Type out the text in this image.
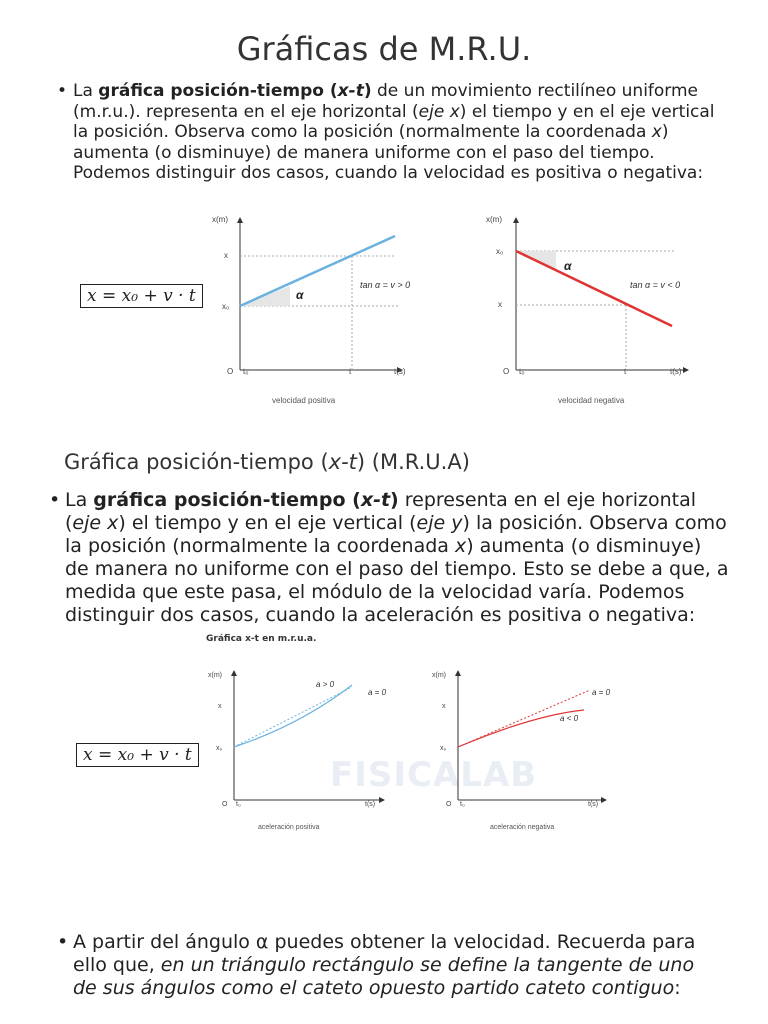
Gráficas de M.R.U.
• La gráfica posición-tiempo (x-t) de un movimiento rectilíneo uniforme (m.r.u.). representa en el eje horizontal (eje x) el tiempo y en el eje vertical la posición. Observa como la posición (normalmente la coordenada x) aumenta (o disminuye) de manera uniforme con el paso del tiempo. Podemos distinguir dos casos, cuando la velocidad es positiva o negativa:
x = x₀ + v · t
x(m)
x
x₀
O t₀	t	t(s)
α
tan α = v > 0
velocidad positiva
x(m)
x₀
x
O t₀	t	t(s)
α
tan α = v < 0
velocidad negativa
Gráfica posición-tiempo (x-t) (M.R.U.A)
• La gráfica posición-tiempo (x-t) representa en el eje horizontal (eje x) el tiempo y en el eje vertical (eje y) la posición. Observa como la posición (normalmente la coordenada x) aumenta (o disminuye) de manera no uniforme con el paso del tiempo. Esto se debe a que, a medida que este pasa, el módulo de la velocidad varía. Podemos distinguir dos casos, cuando la aceleración es positiva o negativa:
Gráfica x-t en m.r.u.a.
FISICALAB
x = x₀ + v · t
x(m)
x
x₀
O t₀	t(s)
a > 0
a = 0
aceleración positiva
x(m)
x
x₀
O t₀	t(s)
a < 0
a = 0
aceleración negativa
• A partir del ángulo α puedes obtener la velocidad. Recuerda para ello que, en un triángulo rectángulo se define la tangente de uno de sus ángulos como el cateto opuesto partido cateto contiguo:
